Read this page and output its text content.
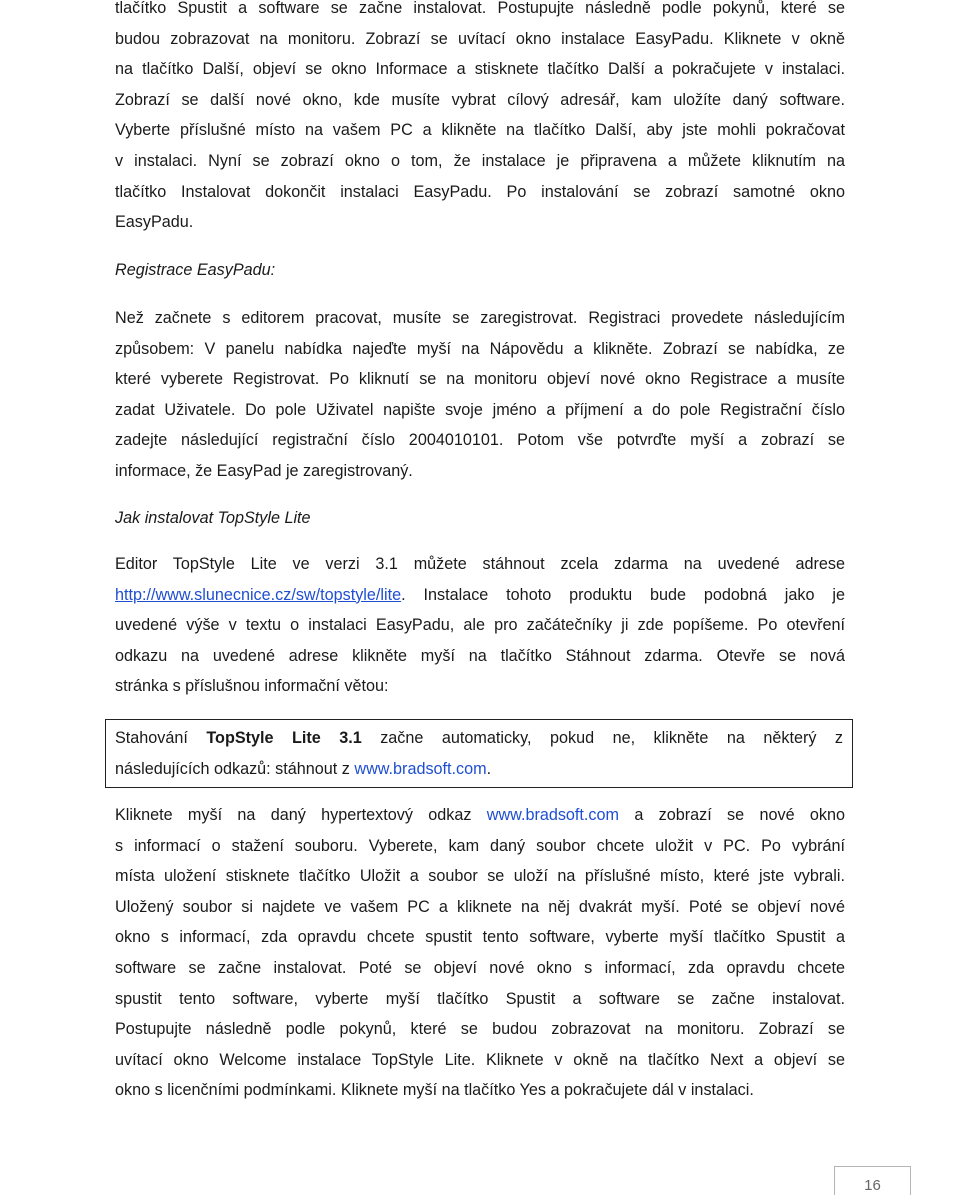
tlačítko Spustit a software se začne instalovat. Postupujte následně podle pokynů, které se

budou zobrazovat na monitoru. Zobrazí se uvítací okno instalace EasyPadu. Kliknete v okně

na tlačítko Další, objeví se okno Informace a stisknete tlačítko Další a pokračujete v instalaci.

Zobrazí se další nové okno, kde musíte vybrat cílový adresář, kam uložíte daný software.

Vyberte příslušné místo na vašem PC a klikněte na tlačítko Další, aby jste mohli pokračovat

v instalaci. Nyní se zobrazí okno o tom, že instalace je připravena a můžete kliknutím na

tlačítko Instalovat dokončit instalaci EasyPadu. Po instalování se zobrazí samotné okno

EasyPadu.

Registrace EasyPadu:

Než začnete s editorem pracovat, musíte se zaregistrovat. Registraci provedete následujícím

způsobem: V panelu nabídka najeďte myší na Nápovědu a klikněte. Zobrazí se nabídka, ze

které vyberete Registrovat. Po kliknutí se na monitoru objeví nové okno Registrace a musíte

zadat Uživatele. Do pole Uživatel napište svoje jméno a příjmení a do pole Registrační číslo

zadejte následující registrační číslo 2004010101. Potom vše potvrďte myší a zobrazí se

informace, že EasyPad je zaregistrovaný.

Jak instalovat TopStyle Lite

Editor TopStyle Lite ve verzi 3.1 můžete stáhnout zcela zdarma na uvedené adrese

http://www.slunecnice.cz/sw/topstyle/lite. Instalace tohoto produktu bude podobná jako je

uvedené výše v textu o instalaci EasyPadu, ale pro začátečníky ji zde popíšeme. Po otevření

odkazu na uvedené adrese klikněte myší na tlačítko Stáhnout zdarma. Otevře se nová

stránka s příslušnou informační větou:

Stahování TopStyle Lite 3.1 začne automaticky, pokud ne, klikněte na některý z

následujících odkazů: stáhnout z www.bradsoft.com.

Kliknete myší na daný hypertextový odkaz www.bradsoft.com a zobrazí se nové okno

s informací o stažení souboru. Vyberete, kam daný soubor chcete uložit v PC. Po vybrání

místa uložení stisknete tlačítko Uložit a soubor se uloží na příslušné místo, které jste vybrali.

Uložený soubor si najdete ve vašem PC a kliknete na něj dvakrát myší. Poté se objeví nové

okno s informací, zda opravdu chcete spustit tento software, vyberte myší tlačítko Spustit a

software se začne instalovat. Poté se objeví nové okno s informací, zda opravdu chcete

spustit tento software, vyberte myší tlačítko Spustit a software se začne instalovat.

Postupujte následně podle pokynů, které se budou zobrazovat na monitoru. Zobrazí se

uvítací okno Welcome instalace TopStyle Lite. Kliknete v okně na tlačítko Next a objeví se

okno s licenčními podmínkami. Kliknete myší na tlačítko Yes a pokračujete dál v instalaci.

16
